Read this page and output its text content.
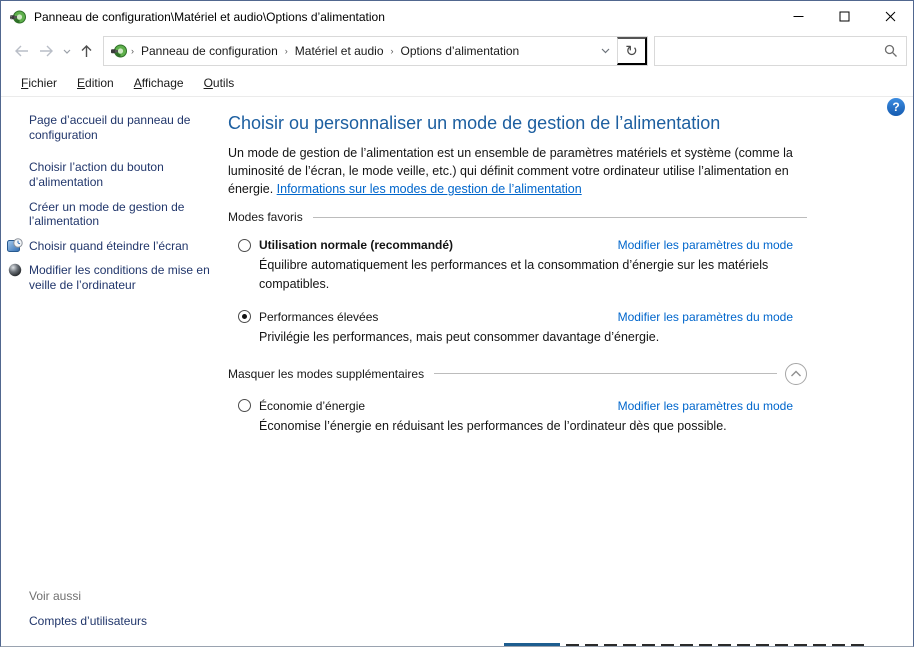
Panneau de configuration\Matériel et audio\Options d’alimentation
› Panneau de configuration › Matériel et audio › Options d’alimentation	↻
Fichier	Edition	Affichage	Outils
Page d’accueil du panneau de configuration
Choisir l’action du bouton d’alimentation
Créer un mode de gestion de l’alimentation
Choisir quand éteindre l’écran
Modifier les conditions de mise en veille de l’ordinateur
Voir aussi
Comptes d’utilisateurs
Choisir ou personnaliser un mode de gestion de l’alimentation

Un mode de gestion de l’alimentation est un ensemble de paramètres matériels et système (comme la luminosité de l’écran, le mode veille, etc.) qui définit comment votre ordinateur utilise l’alimentation en énergie. Informations sur les modes de gestion de l’alimentation

Modes favoris
Utilisation normale (recommandé)	Modifier les paramètres du mode
Équilibre automatiquement les performances et la consommation d’énergie sur les matériels compatibles.
Performances élevées	Modifier les paramètres du mode
Privilégie les performances, mais peut consommer davantage d’énergie.
Masquer les modes supplémentaires
Économie d’énergie	Modifier les paramètres du mode
Économise l’énergie en réduisant les performances de l’ordinateur dès que possible.
?
